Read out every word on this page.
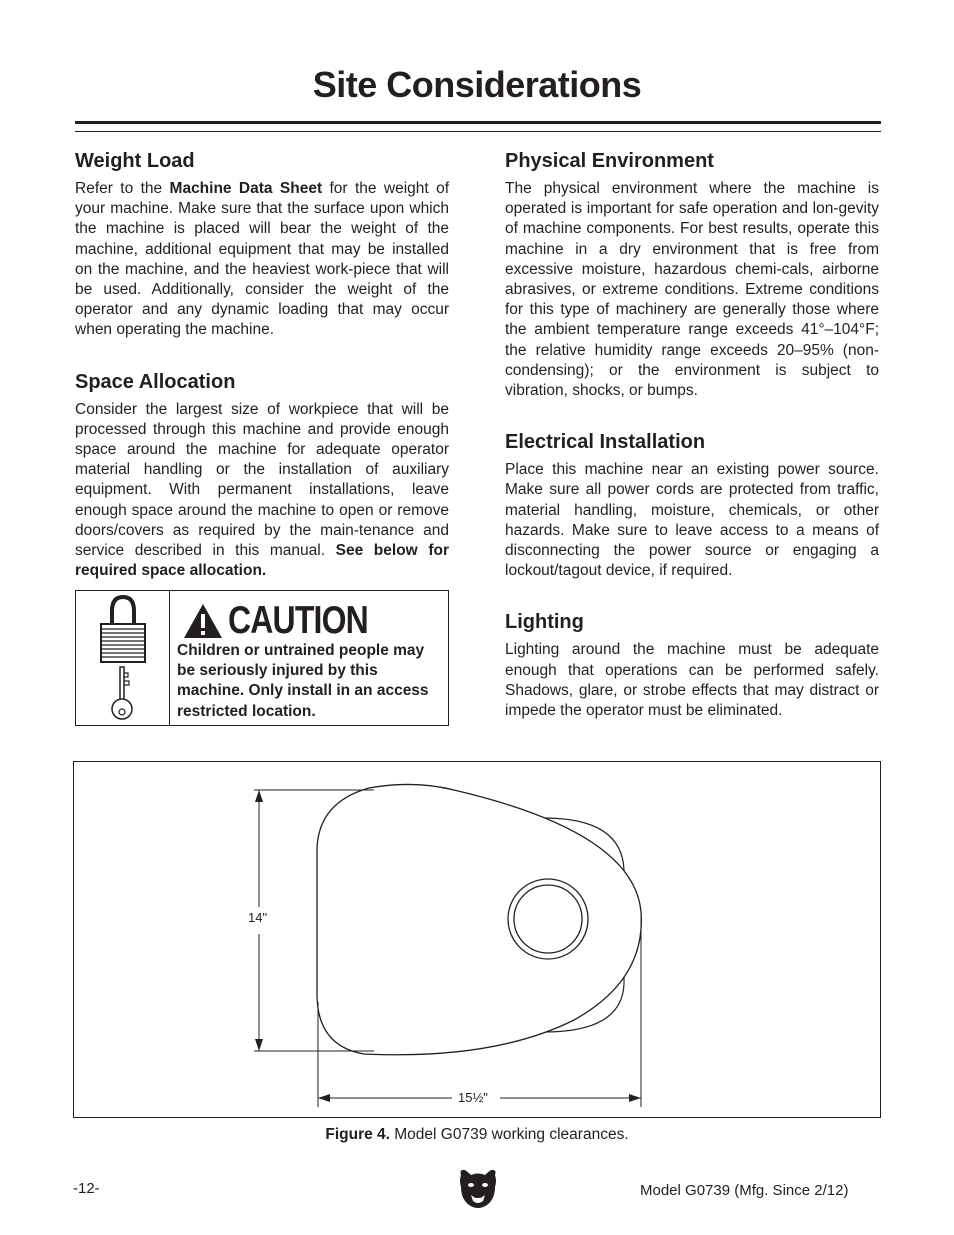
Site Considerations
Weight Load

Refer to the Machine Data Sheet for the weight of your machine. Make sure that the surface upon which the machine is placed will bear the weight of the machine, additional equipment that may be installed on the machine, and the heaviest work-piece that will be used. Additionally, consider the weight of the operator and any dynamic loading that may occur when operating the machine.

Space Allocation

Consider the largest size of workpiece that will be processed through this machine and provide enough space around the machine for adequate operator material handling or the installation of auxiliary equipment. With permanent installations, leave enough space around the machine to open or remove doors/covers as required by the main-tenance and service described in this manual. See below for required space allocation.

CAUTION
Children or untrained people may be seriously injured by this machine. Only install in an access restricted location.
Physical Environment

The physical environment where the machine is operated is important for safe operation and lon-gevity of machine components. For best results, operate this machine in a dry environment that is free from excessive moisture, hazardous chemi-cals, airborne abrasives, or extreme conditions. Extreme conditions for this type of machinery are generally those where the ambient temperature range exceeds 41°–104°F; the relative humidity range exceeds 20–95% (non-condensing); or the environment is subject to vibration, shocks, or bumps.

Electrical Installation

Place this machine near an existing power source. Make sure all power cords are protected from traffic, material handling, moisture, chemicals, or other hazards. Make sure to leave access to a means of disconnecting the power source or engaging a lockout/tagout device, if required.

Lighting

Lighting around the machine must be adequate enough that operations can be performed safely. Shadows, glare, or strobe effects that may distract or impede the operator must be eliminated.

14"
15½"
Figure 4. Model G0739 working clearances.
-12-	Model G0739 (Mfg. Since 2/12)
